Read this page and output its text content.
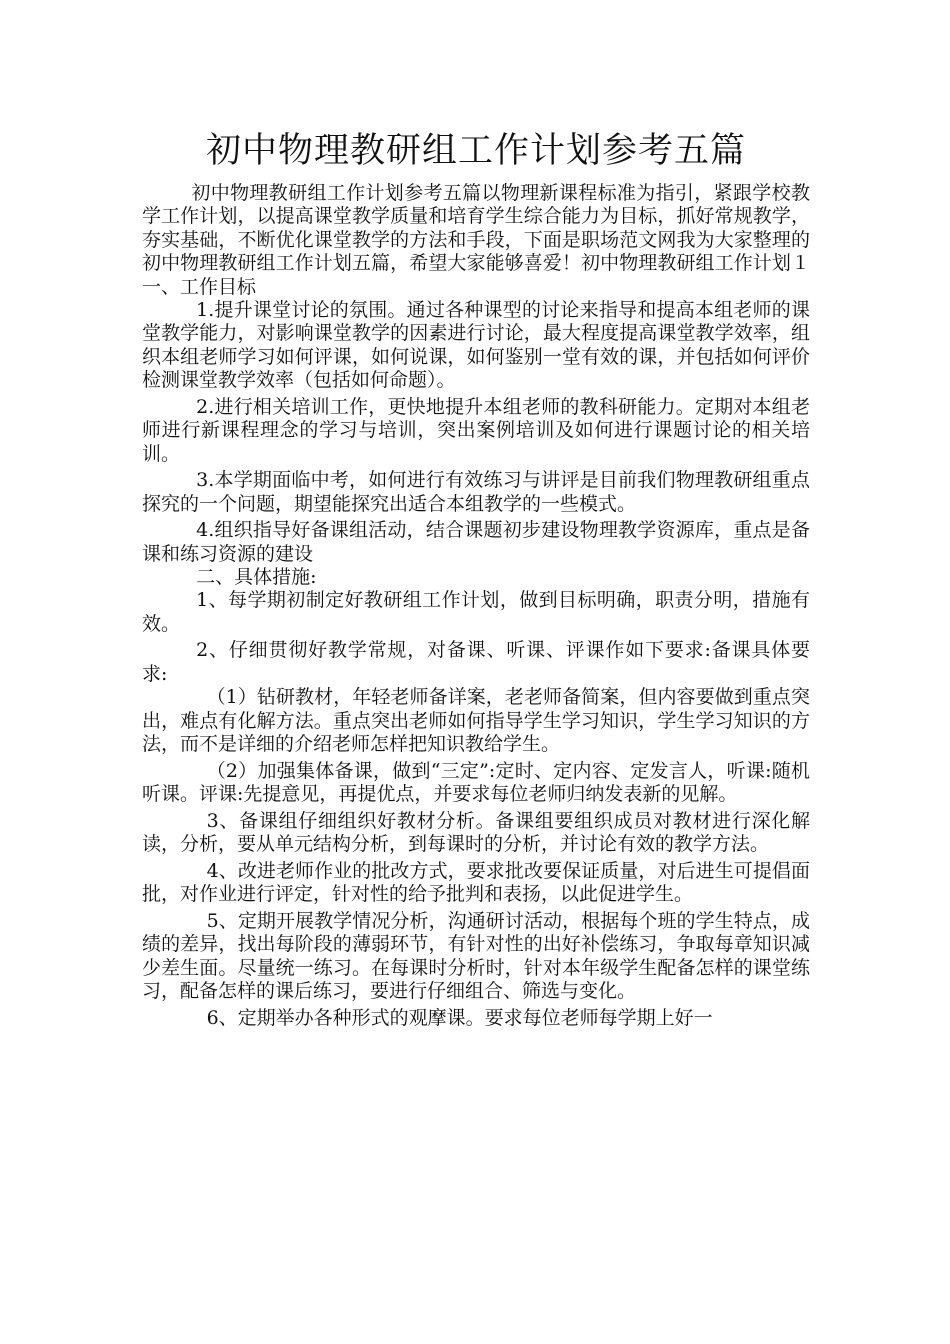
初中物理教研组工作计划参考五篇

初中物理教研组工作计划参考五篇以物理新课程标准为指引，紧跟学校教学工作计划，以提高课堂教学质量和培育学生综合能力为目标，抓好常规教学，夯实基础，不断优化课堂教学的方法和手段，下面是职场范文网我为大家整理的初中物理教研组工作计划五篇，希望大家能够喜爱！初中物理教研组工作计划１一、工作目标

1.提升课堂讨论的氛围。通过各种课型的讨论来指导和提高本组老师的课堂教学能力，对影响课堂教学的因素进行讨论，最大程度提高课堂教学效率，组织本组老师学习如何评课，如何说课，如何鉴别一堂有效的课，并包括如何评价检测课堂教学效率（包括如何命题）。

2.进行相关培训工作，更快地提升本组老师的教科研能力。定期对本组老师进行新课程理念的学习与培训，突出案例培训及如何进行课题讨论的相关培训。

3.本学期面临中考，如何进行有效练习与讲评是目前我们物理教研组重点探究的一个问题，期望能探究出适合本组教学的一些模式。

4.组织指导好备课组活动，结合课题初步建设物理教学资源库，重点是备课和练习资源的建设

二、具体措施:

1、每学期初制定好教研组工作计划，做到目标明确，职责分明，措施有效。

2、仔细贯彻好教学常规，对备课、听课、评课作如下要求:备课具体要求:

（1）钻研教材，年轻老师备详案，老老师备简案，但内容要做到重点突出，难点有化解方法。重点突出老师如何指导学生学习知识，学生学习知识的方法，而不是详细的介绍老师怎样把知识教给学生。

（2）加强集体备课，做到“三定”:定时、定内容、定发言人，听课:随机听课。评课:先提意见，再提优点，并要求每位老师归纳发表新的见解。

3、备课组仔细组织好教材分析。备课组要组织成员对教材进行深化解读，分析，要从单元结构分析，到每课时的分析，并讨论有效的教学方法。

4、改进老师作业的批改方式，要求批改要保证质量，对后进生可提倡面批，对作业进行评定，针对性的给予批判和表扬，以此促进学生。

5、定期开展教学情况分析，沟通研讨活动，根据每个班的学生特点，成绩的差异，找出每阶段的薄弱环节，有针对性的出好补偿练习，争取每章知识减少差生面。尽量统一练习。在每课时分析时，针对本年级学生配备怎样的课堂练习，配备怎样的课后练习，要进行仔细组合、筛选与变化。

6、定期举办各种形式的观摩课。要求每位老师每学期上好一
